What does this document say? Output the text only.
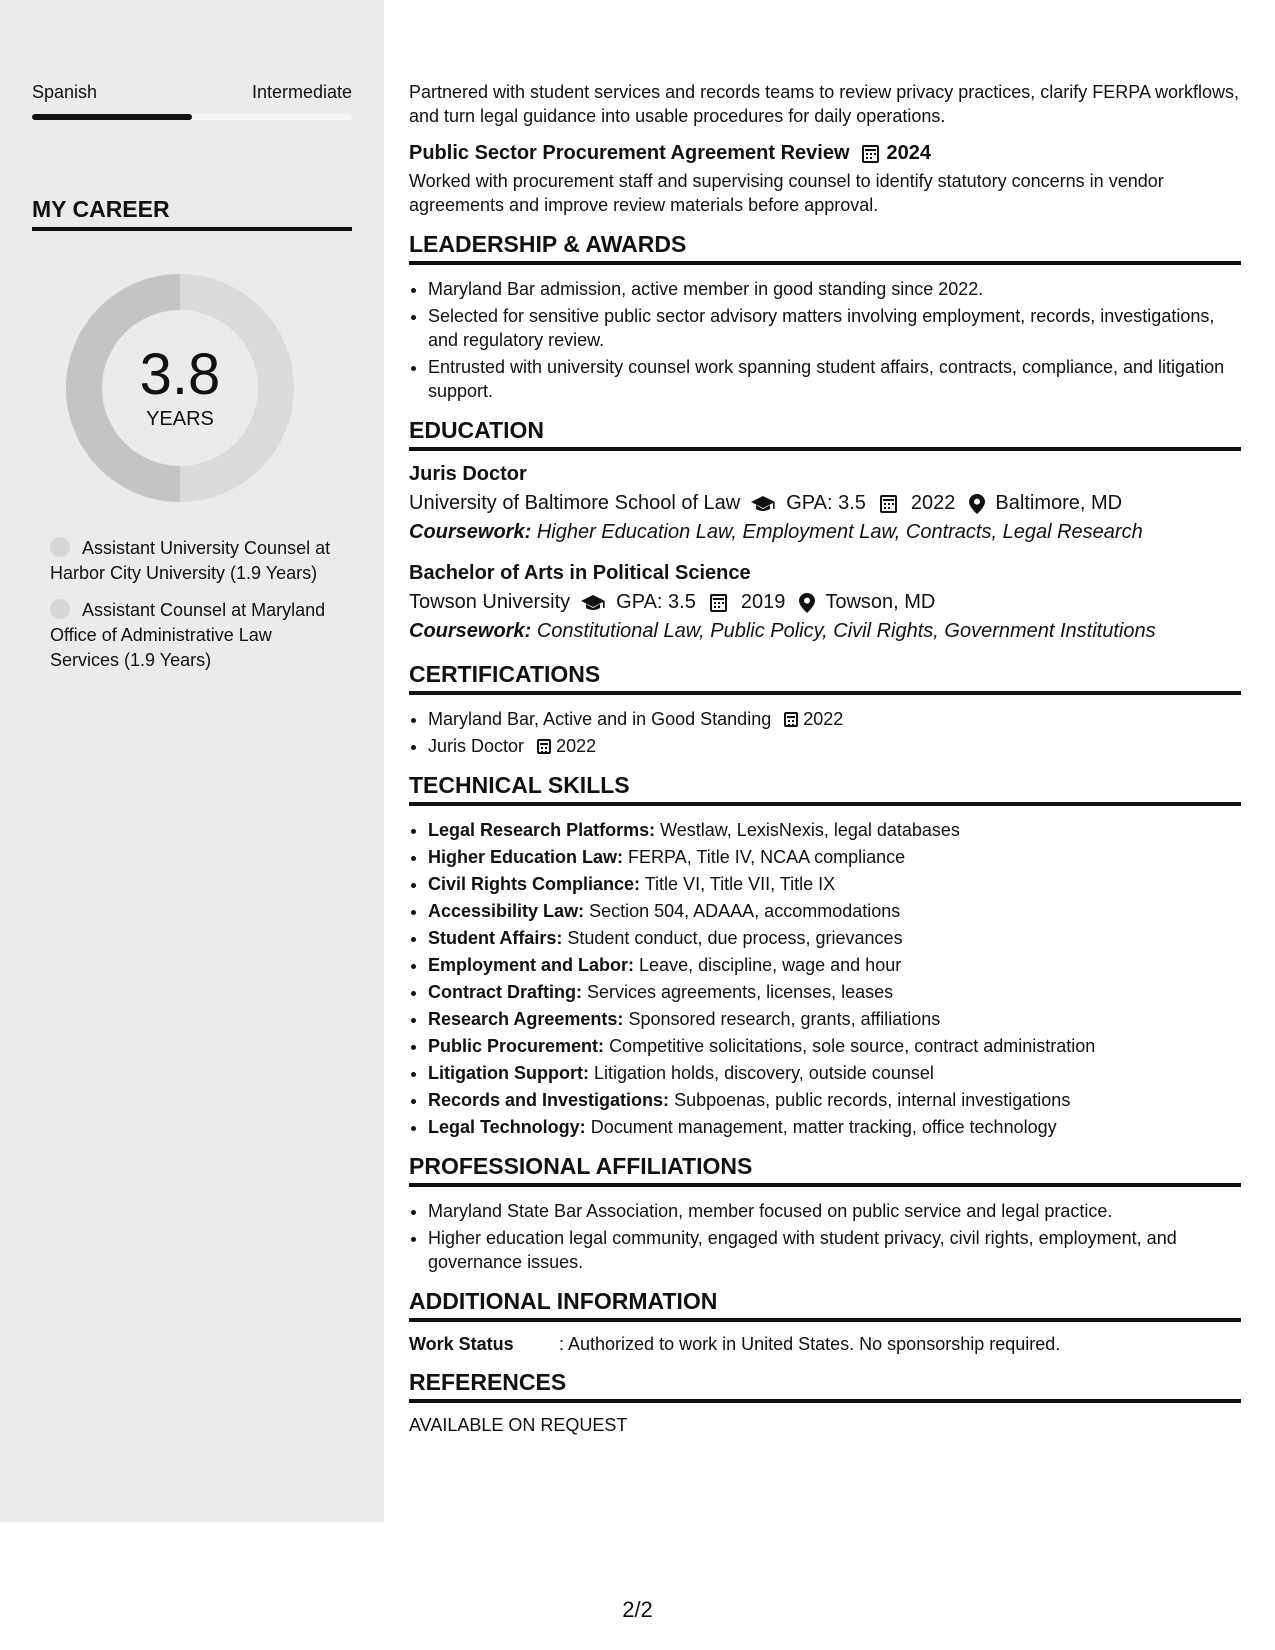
Spanish	Intermediate
MY CAREER
3.8
YEARS
Assistant University Counsel at Harbor City University (1.9 Years)
Assistant Counsel at Maryland Office of Administrative Law Services (1.9 Years)

Partnered with student services and records teams to review privacy practices, clarify FERPA workflows, and turn legal guidance into usable procedures for daily operations.

Public Sector Procurement Agreement Review 2024

Worked with procurement staff and supervising counsel to identify statutory concerns in vendor agreements and improve review materials before approval.

LEADERSHIP & AWARDS
• Maryland Bar admission, active member in good standing since 2022.
• Selected for sensitive public sector advisory matters involving employment, records, investigations, and regulatory review.
• Entrusted with university counsel work spanning student affairs, contracts, compliance, and litigation support.
EDUCATION
Juris Doctor
University of Baltimore School of Law GPA: 3.5 2022 Baltimore, MD
Coursework: Higher Education Law, Employment Law, Contracts, Legal Research
Bachelor of Arts in Political Science
Towson University GPA: 3.5 2019 Towson, MD
Coursework: Constitutional Law, Public Policy, Civil Rights, Government Institutions
CERTIFICATIONS
• Maryland Bar, Active and in Good Standing 2022
• Juris Doctor 2022
TECHNICAL SKILLS
• Legal Research Platforms: Westlaw, LexisNexis, legal databases
• Higher Education Law: FERPA, Title IV, NCAA compliance
• Civil Rights Compliance: Title VI, Title VII, Title IX
• Accessibility Law: Section 504, ADAAA, accommodations
• Student Affairs: Student conduct, due process, grievances
• Employment and Labor: Leave, discipline, wage and hour
• Contract Drafting: Services agreements, licenses, leases
• Research Agreements: Sponsored research, grants, affiliations
• Public Procurement: Competitive solicitations, sole source, contract administration
• Litigation Support: Litigation holds, discovery, outside counsel
• Records and Investigations: Subpoenas, public records, internal investigations
• Legal Technology: Document management, matter tracking, office technology
PROFESSIONAL AFFILIATIONS
• Maryland State Bar Association, member focused on public service and legal practice.
• Higher education legal community, engaged with student privacy, civil rights, employment, and governance issues.
ADDITIONAL INFORMATION
Work Status	: Authorized to work in United States. No sponsorship required.
REFERENCES
AVAILABLE ON REQUEST
2/2
